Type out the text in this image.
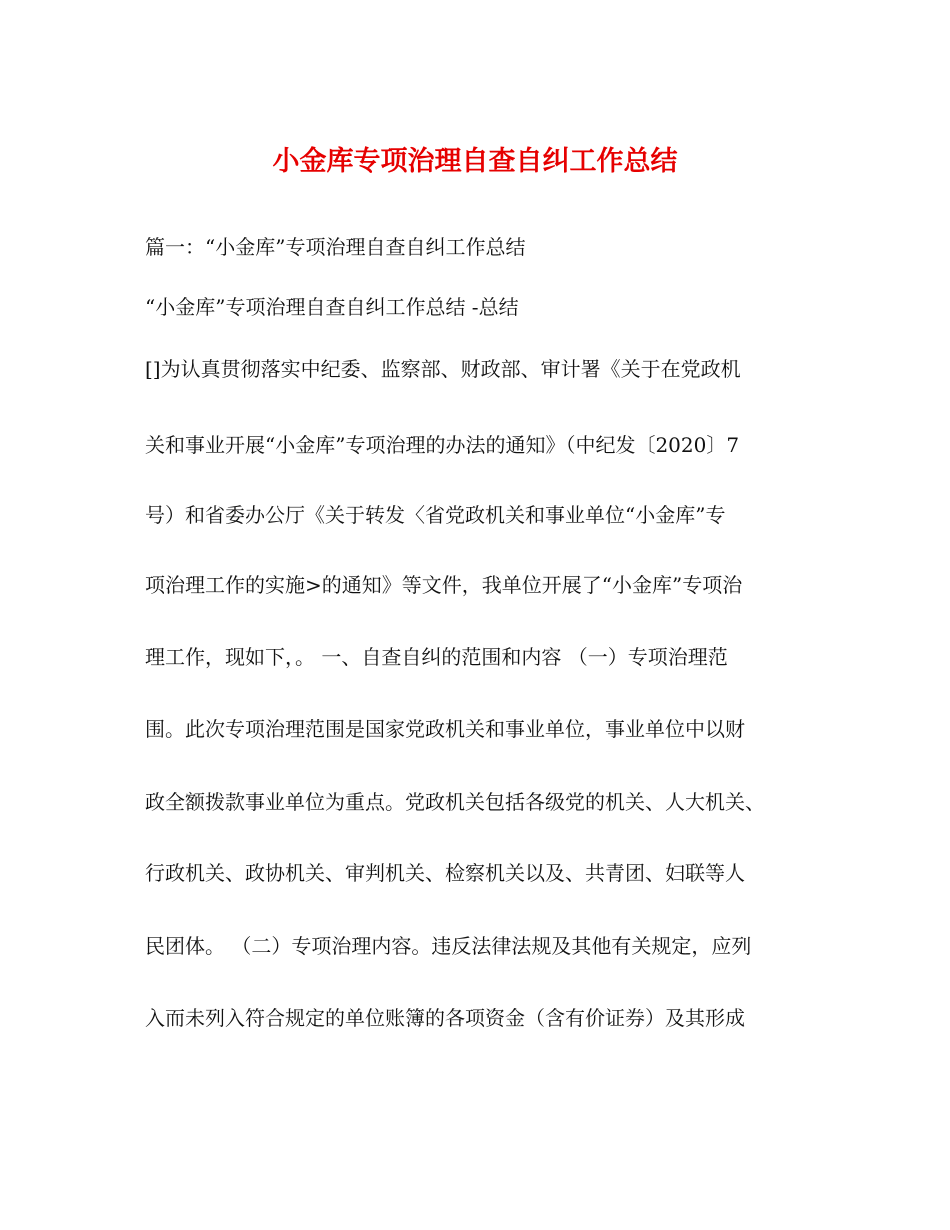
小金库专项治理自查自纠工作总结
篇一：“小金库”专项治理自查自纠工作总结
“小金库”专项治理自查自纠工作总结 -总结
[]为认真贯彻落实中纪委、监察部、财政部、审计署《关于在党政机
关和事业开展“小金库”专项治理的办法的通知》（中纪发〔2020〕7
号）和省委办公厅《关于转发〈省党政机关和事业单位“小金库”专
项治理工作的实施>的通知》等文件，我单位开展了“小金库”专项治
理工作，现如下，。 一、自查自纠的范围和内容 （一）专项治理范
围。此次专项治理范围是国家党政机关和事业单位，事业单位中以财
政全额拨款事业单位为重点。党政机关包括各级党的机关、人大机关、
行政机关、政协机关、审判机关、检察机关以及、共青团、妇联等人
民团体。 （二）专项治理内容。违反法律法规及其他有关规定，应列
入而未列入符合规定的单位账簿的各项资金（含有价证券）及其形成
